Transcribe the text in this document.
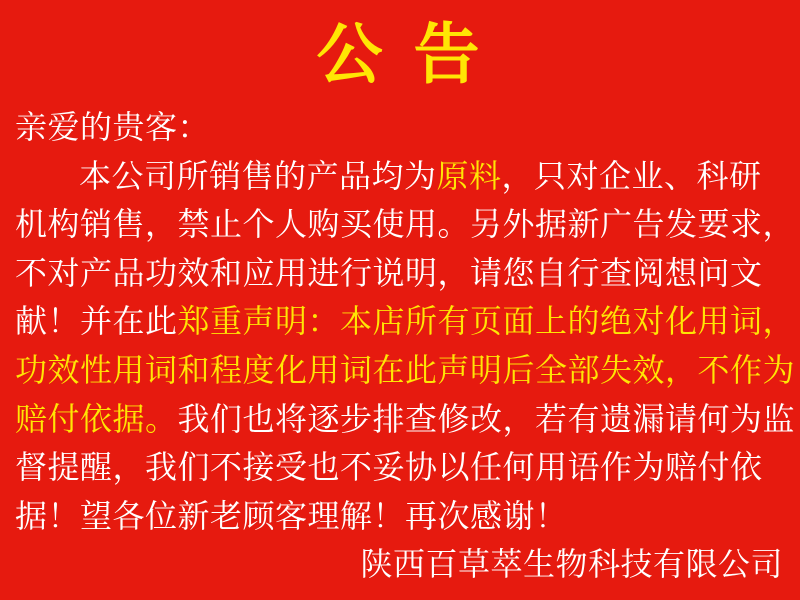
公 告
亲爱的贵客：
本公司所销售的产品均为原料，只对企业、科研
机构销售，禁止个人购买使用。另外据新广告发要求，
不对产品功效和应用进行说明，请您自行查阅想问文
献！并在此郑重声明：本店所有页面上的绝对化用词，
功效性用词和程度化用词在此声明后全部失效，不作为
赔付依据。我们也将逐步排查修改，若有遗漏请何为监
督提醒，我们不接受也不妥协以任何用语作为赔付依
据！望各位新老顾客理解！再次感谢！
陕西百草萃生物科技有限公司
